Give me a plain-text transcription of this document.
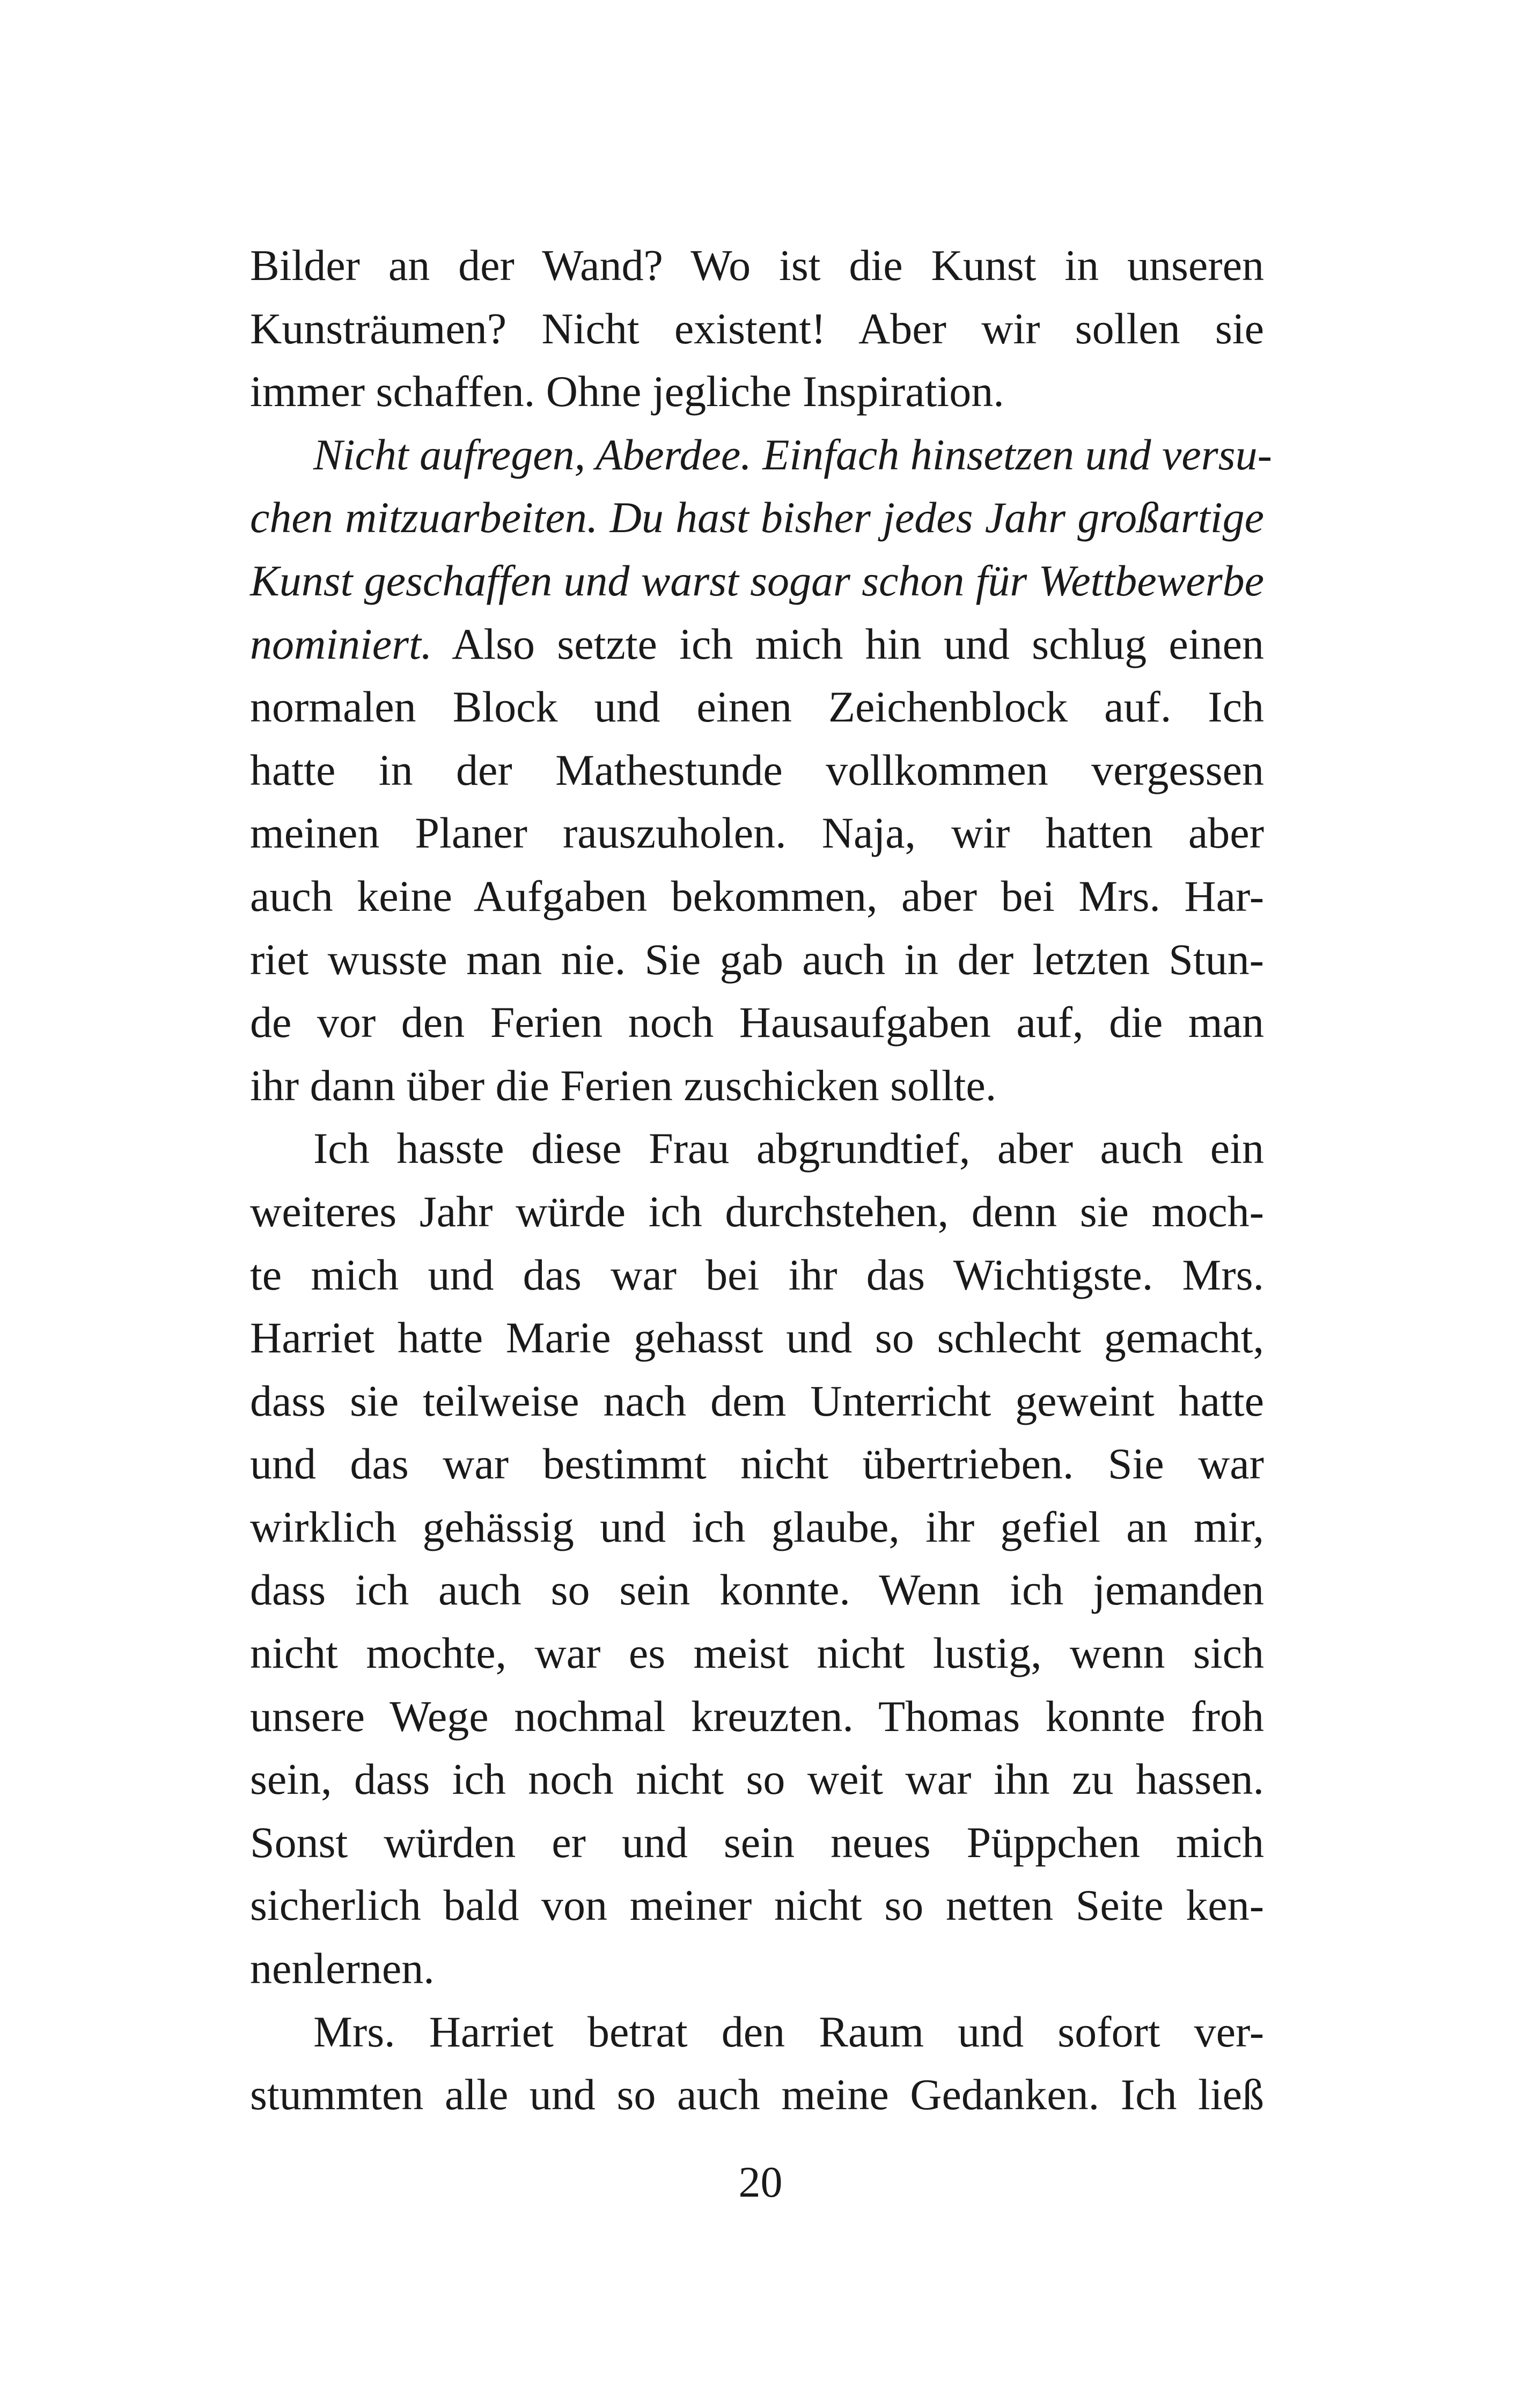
Bilder an der Wand? Wo ist die Kunst in unseren
Kunsträumen? Nicht existent! Aber wir sollen sie
immer schaffen. Ohne jegliche Inspiration.
Nicht aufregen, Aberdee. Einfach hinsetzen und versu-
chen mitzuarbeiten. Du hast bisher jedes Jahr großartige
Kunst geschaffen und warst sogar schon für Wettbewerbe
nominiert. Also setzte ich mich hin und schlug einen
normalen Block und einen Zeichenblock auf. Ich
hatte in der Mathestunde vollkommen vergessen
meinen Planer rauszuholen. Naja, wir hatten aber
auch keine Aufgaben bekommen, aber bei Mrs. Har-
riet wusste man nie. Sie gab auch in der letzten Stun-
de vor den Ferien noch Hausaufgaben auf, die man
ihr dann über die Ferien zuschicken sollte.
Ich hasste diese Frau abgrundtief, aber auch ein
weiteres Jahr würde ich durchstehen, denn sie moch-
te mich und das war bei ihr das Wichtigste. Mrs.
Harriet hatte Marie gehasst und so schlecht gemacht,
dass sie teilweise nach dem Unterricht geweint hatte
und das war bestimmt nicht übertrieben. Sie war
wirklich gehässig und ich glaube, ihr gefiel an mir,
dass ich auch so sein konnte. Wenn ich jemanden
nicht mochte, war es meist nicht lustig, wenn sich
unsere Wege nochmal kreuzten. Thomas konnte froh
sein, dass ich noch nicht so weit war ihn zu hassen.
Sonst würden er und sein neues Püppchen mich
sicherlich bald von meiner nicht so netten Seite ken-
nenlernen.
Mrs. Harriet betrat den Raum und sofort ver-
stummten alle und so auch meine Gedanken. Ich ließ
20
